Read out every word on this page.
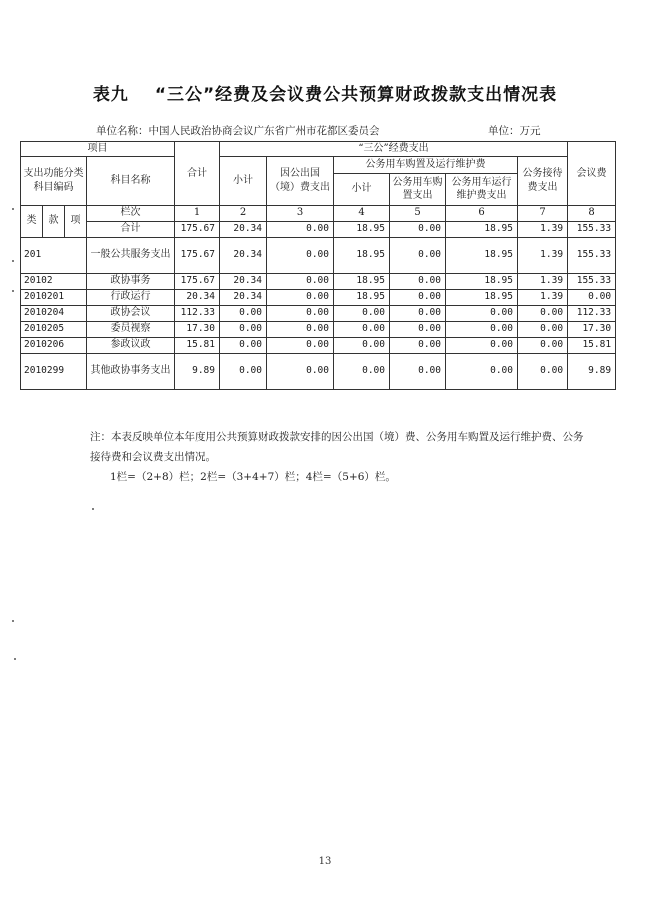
表九 “三公”经费及会议费公共预算财政拨款支出情况表
单位名称：中国人民政治协商会议广东省广州市花都区委员会	单位：万元
项目				合计	“三公”经费支出						会议费
支出功能分类科目编码			科目名称		小计	因公出国（境）费支出	公务用车购置及运行维护费			公务接待费支出	
							小计	公务用车购置支出	公务用车运行维护费支出		

类	款	项	栏次	1	2	3	4	5	6	7	8
			合计	175.67	20.34	0.00	18.95	0.00	18.95	1.39	155.33
201			一般公共服务支出	175.67	20.34	0.00	18.95	0.00	18.95	1.39	155.33
20102			政协事务	175.67	20.34	0.00	18.95	0.00	18.95	1.39	155.33
2010201			行政运行	20.34	20.34	0.00	18.95	0.00	18.95	1.39	0.00
2010204			政协会议	112.33	0.00	0.00	0.00	0.00	0.00	0.00	112.33
2010205			委员视察	17.30	0.00	0.00	0.00	0.00	0.00	0.00	17.30
2010206			参政议政	15.81	0.00	0.00	0.00	0.00	0.00	0.00	15.81
2010299			其他政协事务支出	9.89	0.00	0.00	0.00	0.00	0.00	0.00	9.89
注：本表反映单位本年度用公共预算财政拨款安排的因公出国（境）费、公务用车购置及运行维护费、公务接待费和会议费支出情况。
1栏=（2+8）栏；2栏=（3+4+7）栏；4栏=（5+6）栏。
13
